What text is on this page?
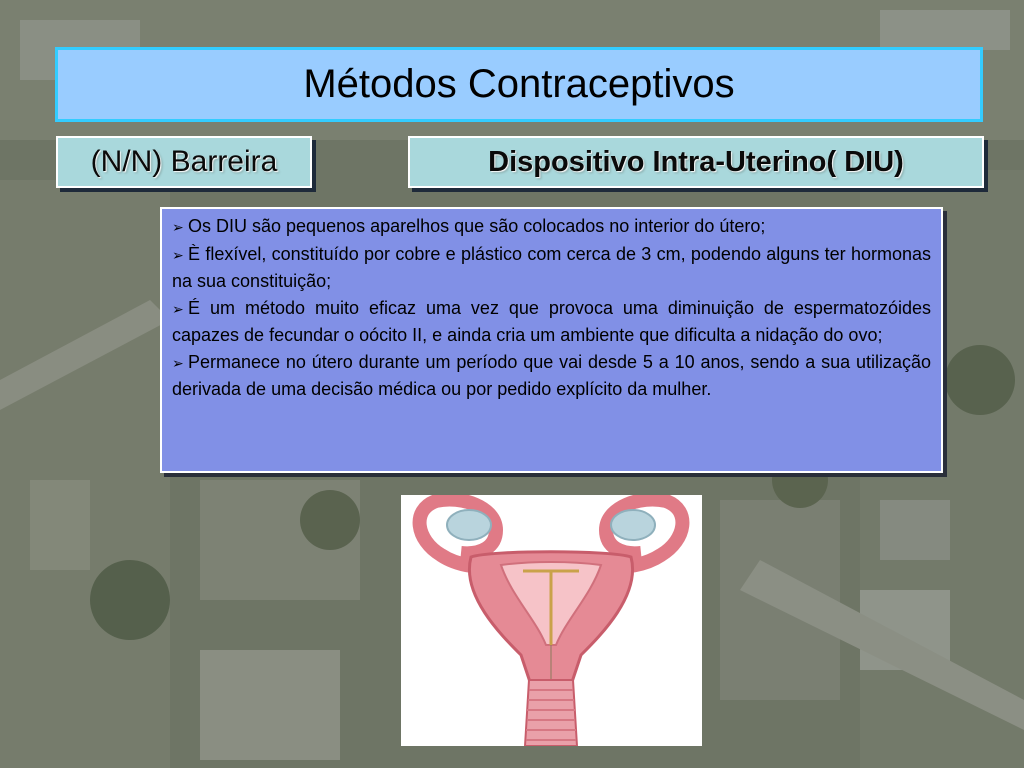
Métodos Contraceptivos
(N/N) Barreira	Dispositivo Intra-Uterino( DIU)
➢ Os DIU são pequenos aparelhos que são colocados no interior do útero;
➢ È flexível, constituído por cobre e plástico com cerca de 3 cm, podendo alguns ter hormonas na sua constituição;
➢ É um método muito eficaz uma vez que provoca uma diminuição de espermatozóides capazes de fecundar o oócito II, e ainda cria um ambiente que dificulta a nidação do ovo;
➢ Permanece no útero durante um período que vai desde 5 a 10 anos, sendo a sua utilização derivada de uma decisão médica ou por pedido explícito da mulher.
